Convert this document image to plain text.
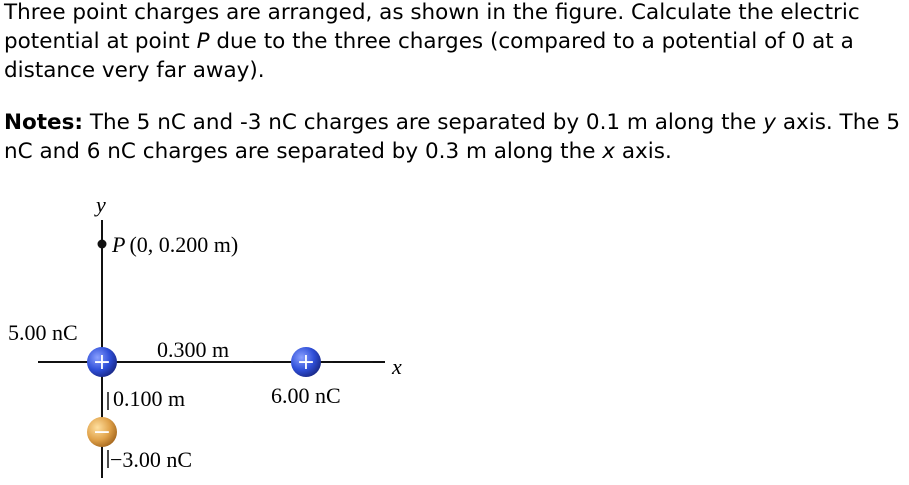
Three point charges are arranged, as shown in the figure. Calculate the electric potential at point P due to the three charges (compared to a potential of 0 at a distance very far away).

Notes: The 5 nC and -3 nC charges are separated by 0.1 m along the y axis. The 5 nC and 6 nC charges are separated by 0.3 m along the x axis.

y
x
P (0, 0.200 m)
5.00 nC
0.300 m
0.100 m	6.00 nC
−3.00 nC
+	+
−
